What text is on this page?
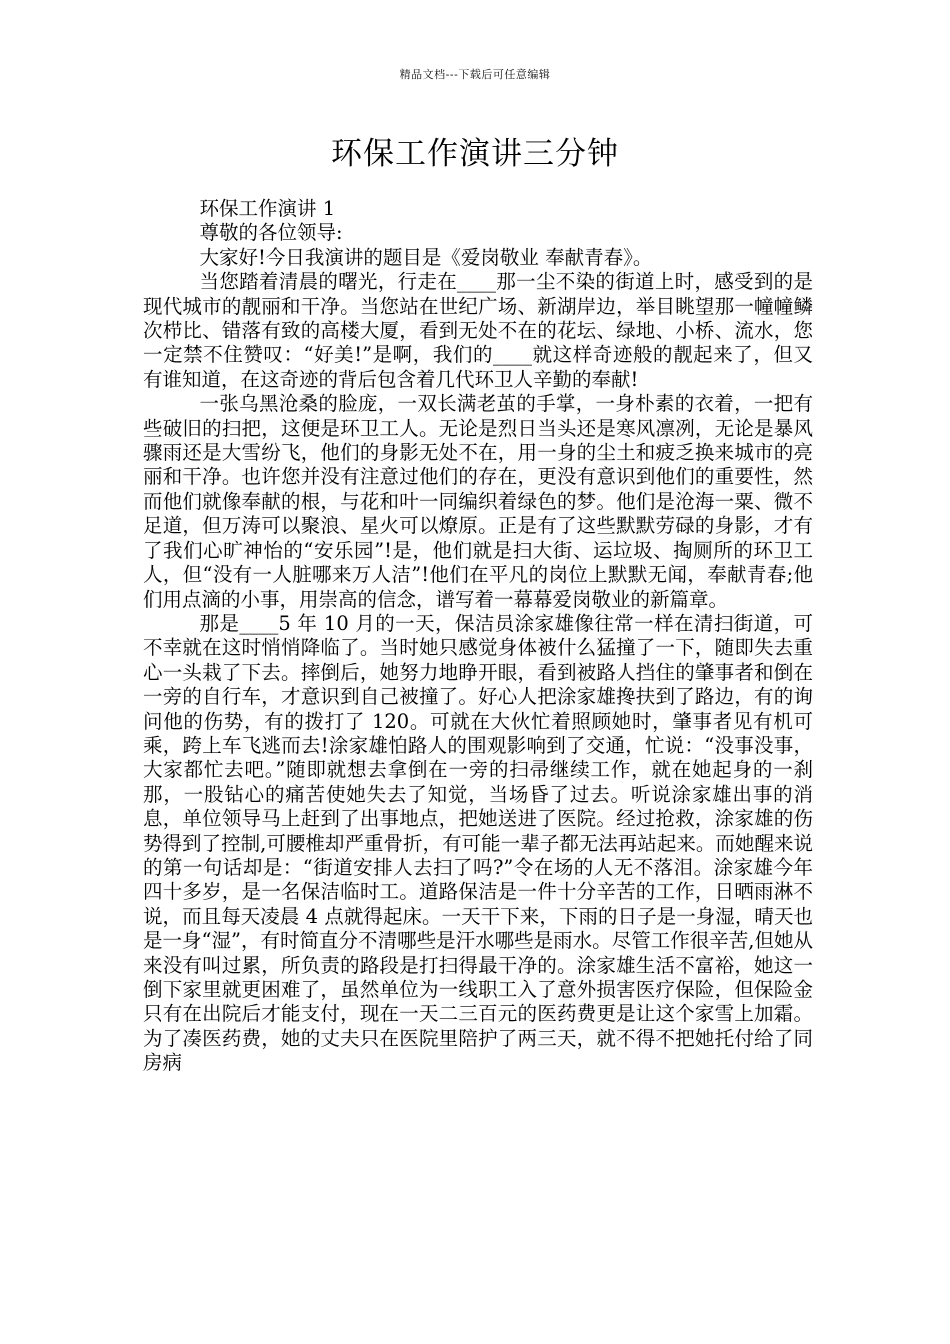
精品文档---下载后可任意编辑
环保工作演讲三分钟

环保工作演讲 1

尊敬的各位领导:

大家好!今日我演讲的题目是《爱岗敬业 奉献青春》。

当您踏着清晨的曙光，行走在____那一尘不染的街道上时，感受到的是现代城市的靓丽和干净。当您站在世纪广场、新湖岸边，举目眺望那一幢幢鳞次栉比、错落有致的高楼大厦，看到无处不在的花坛、绿地、小桥、流水，您一定禁不住赞叹：“好美!”是啊，我们的____就这样奇迹般的靓起来了，但又有谁知道，在这奇迹的背后包含着几代环卫人辛勤的奉献!

一张乌黑沧桑的脸庞，一双长满老茧的手掌，一身朴素的衣着，一把有些破旧的扫把，这便是环卫工人。无论是烈日当头还是寒风凛冽，无论是暴风骤雨还是大雪纷飞，他们的身影无处不在，用一身的尘土和疲乏换来城市的亮丽和干净。也许您并没有注意过他们的存在，更没有意识到他们的重要性，然而他们就像奉献的根，与花和叶一同编织着绿色的梦。他们是沧海一粟、微不足道，但万涛可以聚浪、星火可以燎原。正是有了这些默默劳碌的身影，才有了我们心旷神怡的“安乐园”!是，他们就是扫大街、运垃圾、掏厕所的环卫工人，但“没有一人脏哪来万人洁”!他们在平凡的岗位上默默无闻，奉献青春;他们用点滴的小事，用崇高的信念，谱写着一幕幕爱岗敬业的新篇章。

那是____5 年 10 月的一天，保洁员涂家雄像往常一样在清扫街道，可不幸就在这时悄悄降临了。当时她只感觉身体被什么猛撞了一下，随即失去重心一头栽了下去。摔倒后，她努力地睁开眼，看到被路人挡住的肇事者和倒在一旁的自行车，才意识到自己被撞了。好心人把涂家雄搀扶到了路边，有的询问他的伤势，有的拨打了 120。可就在大伙忙着照顾她时，肇事者见有机可乘，跨上车飞逃而去!涂家雄怕路人的围观影响到了交通，忙说：“没事没事，大家都忙去吧。”随即就想去拿倒在一旁的扫帚继续工作，就在她起身的一刹那，一股钻心的痛苦使她失去了知觉，当场昏了过去。听说涂家雄出事的消息，单位领导马上赶到了出事地点，把她送进了医院。经过抢救，涂家雄的伤势得到了控制,可腰椎却严重骨折，有可能一辈子都无法再站起来。而她醒来说的第一句话却是：“街道安排人去扫了吗?”令在场的人无不落泪。涂家雄今年四十多岁，是一名保洁临时工。道路保洁是一件十分辛苦的工作，日晒雨淋不说，而且每天凌晨 4 点就得起床。一天干下来，下雨的日子是一身湿，晴天也是一身“湿”，有时简直分不清哪些是汗水哪些是雨水。尽管工作很辛苦,但她从来没有叫过累，所负责的路段是打扫得最干净的。涂家雄生活不富裕，她这一倒下家里就更困难了，虽然单位为一线职工入了意外损害医疗保险，但保险金只有在出院后才能支付，现在一天二三百元的医药费更是让这个家雪上加霜。为了凑医药费，她的丈夫只在医院里陪护了两三天，就不得不把她托付给了同房病
